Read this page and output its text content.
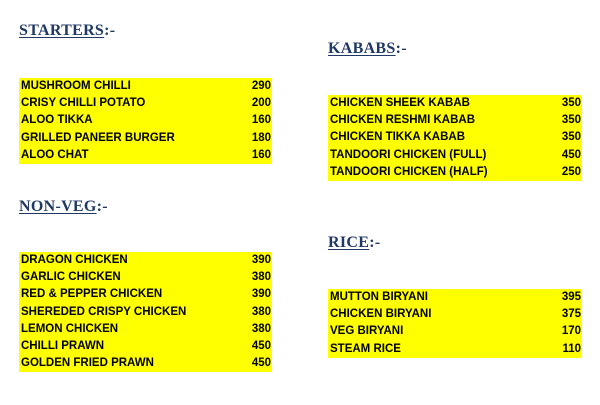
STARTERS:-
MUSHROOM CHILLI	290
CRISY CHILLI POTATO	200
ALOO TIKKA	160
GRILLED PANEER BURGER	180
ALOO CHAT	160
KABABS:-
CHICKEN SHEEK KABAB	350
CHICKEN RESHMI KABAB	350
CHICKEN TIKKA KABAB	350
TANDOORI CHICKEN (FULL)	450
TANDOORI CHICKEN (HALF)	250
NON-VEG:-
DRAGON CHICKEN	390
GARLIC CHICKEN	380
RED & PEPPER CHICKEN	390
SHEREDED CRISPY CHICKEN	380
LEMON CHICKEN	380
CHILLI PRAWN	450
GOLDEN FRIED PRAWN	450
RICE:-
MUTTON BIRYANI	395
CHICKEN BIRYANI	375
VEG BIRYANI	170
STEAM RICE	110
